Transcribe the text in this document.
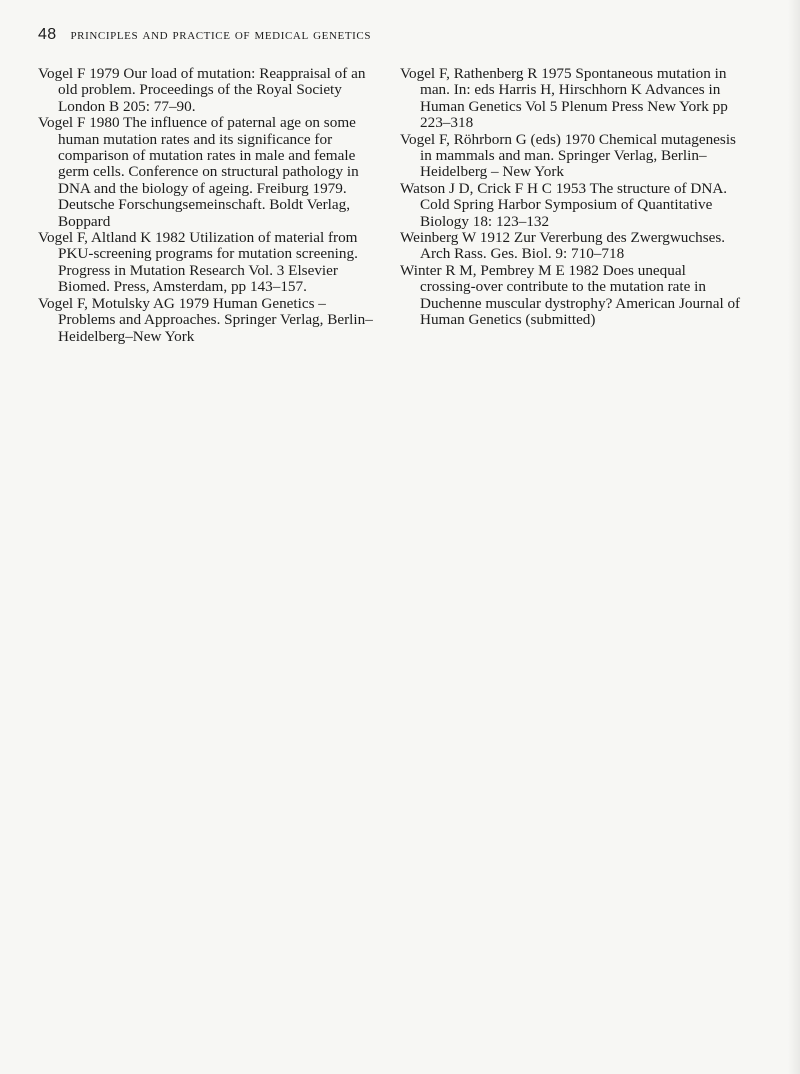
48 principles and practice of medical genetics

Vogel F 1979 Our load of mutation: Reappraisal of an old problem. Proceedings of the Royal Society London B 205: 77–90.

Vogel F 1980 The influence of paternal age on some human mutation rates and its significance for comparison of mutation rates in male and female germ cells. Conference on structural pathology in DNA and the biology of ageing. Freiburg 1979. Deutsche Forschungsemeinschaft. Boldt Verlag, Boppard

Vogel F, Altland K 1982 Utilization of material from PKU-screening programs for mutation screening. Progress in Mutation Research Vol. 3 Elsevier Biomed. Press, Amsterdam, pp 143–157.

Vogel F, Motulsky AG 1979 Human Genetics – Problems and Approaches. Springer Verlag, Berlin–Heidelberg–New York

Vogel F, Rathenberg R 1975 Spontaneous mutation in man. In: eds Harris H, Hirschhorn K Advances in Human Genetics Vol 5 Plenum Press New York pp 223–318

Vogel F, Röhrborn G (eds) 1970 Chemical mutagenesis in mammals and man. Springer Verlag, Berlin–Heidelberg – New York

Watson J D, Crick F H C 1953 The structure of DNA. Cold Spring Harbor Symposium of Quantitative Biology 18: 123–132

Weinberg W 1912 Zur Vererbung des Zwergwuchses. Arch Rass. Ges. Biol. 9: 710–718

Winter R M, Pembrey M E 1982 Does unequal crossing-over contribute to the mutation rate in Duchenne muscular dystrophy? American Journal of Human Genetics (submitted)
